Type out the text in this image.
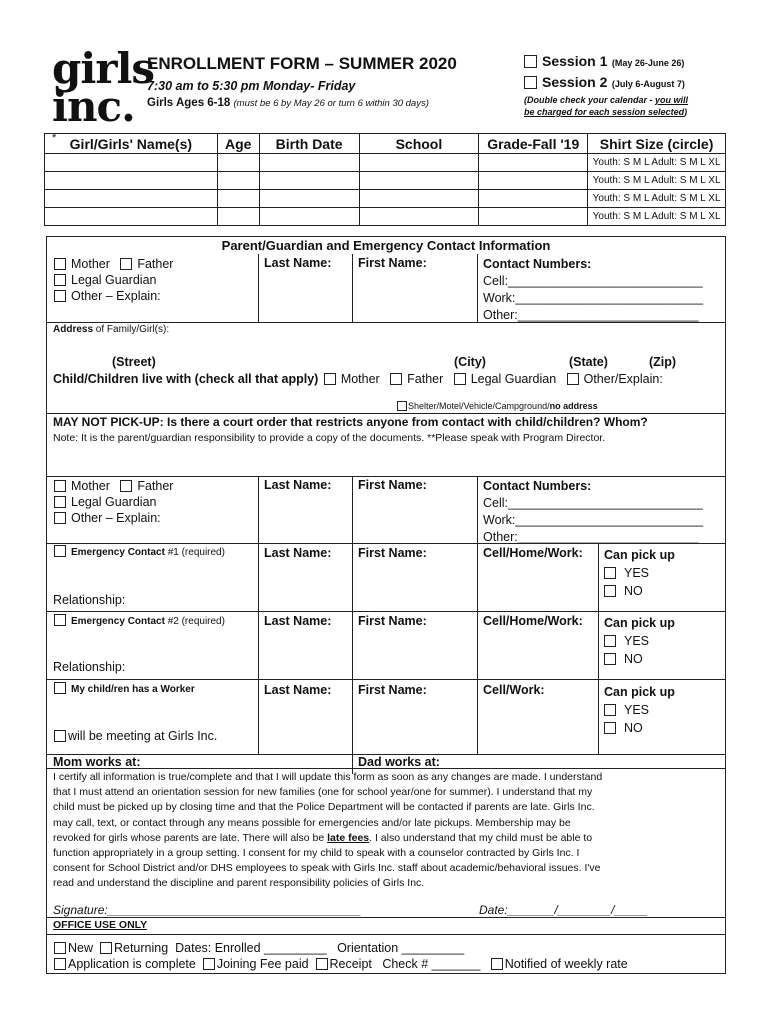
girls
inc. *
ENROLLMENT FORM – SUMMER 2020
7:30 am to 5:30 pm Monday- Friday
Girls Ages 6-18 (must be 6 by May 26 or turn 6 within 30 days)
Session 1 (May 26-June 26)
Session 2 (July 6-August 7)
(Double check your calendar - you will
be charged for each session selected)
Girl/Girls' Name(s)	Age	Birth Date	School	Grade-Fall '19	Shirt Size (circle)
					Youth: S M L Adult: S M L XL
					Youth: S M L Adult: S M L XL
					Youth: S M L Adult: S M L XL
					Youth: S M L Adult: S M L XL
Parent/Guardian and Emergency Contact Information
Mother Father
Legal Guardian
Other – Explain:
Last Name: First Name:	Contact Numbers:
Cell:____________________________
Work:___________________________
Other:__________________________
Address of Family/Girl(s):
(Street)	(City)	(State)	(Zip)
Child/Children live with (check all that apply) Mother Father Legal Guardian Other/Explain:
Shelter/Motel/Vehicle/Campground/no address
MAY NOT PICK-UP: Is there a court order that restricts anyone from contact with child/children? Whom?
Note: It is the parent/guardian responsibility to provide a copy of the documents. **Please speak with Program Director.
Mother Father
Legal Guardian
Other – Explain:
Last Name: First Name:	Contact Numbers:
Cell:____________________________
Work:___________________________
Other:__________________________
Emergency Contact #1 (required)
Relationship:
Last Name: First Name:	Cell/Home/Work: Can pick up
YES
NO
Emergency Contact #2 (required)
Relationship:
Last Name: First Name:	Cell/Home/Work: Can pick up
YES
NO
My child/ren has a Worker
will be meeting at Girls Inc.
Last Name: First Name:	Cell/Work:	Can pick up
YES
NO
Mom works at:	Dad works at:
I certify all information is true/complete and that I will update this form as soon as any changes are made. I understand
that I must attend an orientation session for new families (one for school year/one for summer). I understand that my
child must be picked up by closing time and that the Police Department will be contacted if parents are late. Girls Inc.
may call, text, or contact through any means possible for emergencies and/or late pickups. Membership may be
revoked for girls whose parents are late. There will also be late fees. I also understand that my child must be able to
function appropriately in a group setting. I consent for my child to speak with a counselor contracted by Girls Inc. I
consent for School District and/or DHS employees to speak with Girls Inc. staff about academic/behavioral issues. I've
read and understand the discipline and parent responsibility policies of Girls Inc.
Signature:______________________________________	Date:_______/________/_____
OFFICE USE ONLY
New Returning Dates: Enrolled _________ Orientation _________
Application is complete Joining Fee paid Receipt Check # _______ Notified of weekly rate
